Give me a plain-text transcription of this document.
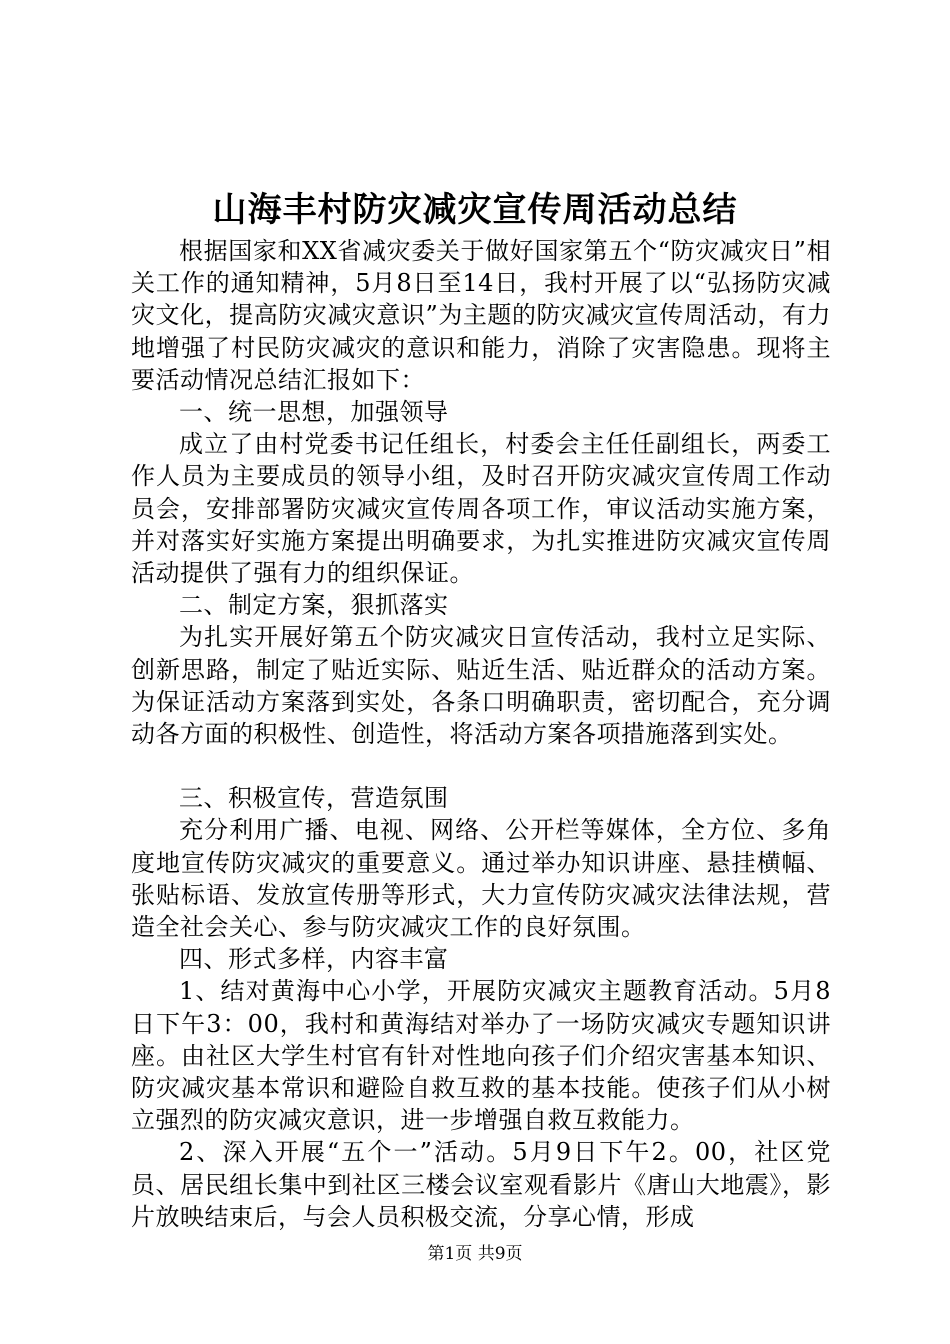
山海丰村防灾减灾宣传周活动总结

根据国家和XX省减灾委关于做好国家第五个“防灾减灾日”相关工作的通知精神，5月8日至14日，我村开展了以“弘扬防灾减灾文化，提高防灾减灾意识”为主题的防灾减灾宣传周活动，有力地增强了村民防灾减灾的意识和能力，消除了灾害隐患。现将主要活动情况总结汇报如下：

一、统一思想，加强领导

成立了由村党委书记任组长，村委会主任任副组长，两委工作人员为主要成员的领导小组，及时召开防灾减灾宣传周工作动员会，安排部署防灾减灾宣传周各项工作，审议活动实施方案，并对落实好实施方案提出明确要求，为扎实推进防灾减灾宣传周活动提供了强有力的组织保证。

二、制定方案，狠抓落实

为扎实开展好第五个防灾减灾日宣传活动，我村立足实际、创新思路，制定了贴近实际、贴近生活、贴近群众的活动方案。为保证活动方案落到实处，各条口明确职责，密切配合，充分调动各方面的积极性、创造性，将活动方案各项措施落到实处。

三、积极宣传，营造氛围

充分利用广播、电视、网络、公开栏等媒体，全方位、多角度地宣传防灾减灾的重要意义。通过举办知识讲座、悬挂横幅、张贴标语、发放宣传册等形式，大力宣传防灾减灾法律法规，营造全社会关心、参与防灾减灾工作的良好氛围。

四、形式多样，内容丰富

1、结对黄海中心小学，开展防灾减灾主题教育活动。5月8日下午3：00，我村和黄海结对举办了一场防灾减灾专题知识讲座。由社区大学生村官有针对性地向孩子们介绍灾害基本知识、防灾减灾基本常识和避险自救互救的基本技能。使孩子们从小树立强烈的防灾减灾意识，进一步增强自救互救能力。

2、深入开展“五个一”活动。5月9日下午2。00，社区党员、居民组长集中到社区三楼会议室观看影片《唐山大地震》，影片放映结束后，与会人员积极交流，分享心情，形成

第1页 共9页
